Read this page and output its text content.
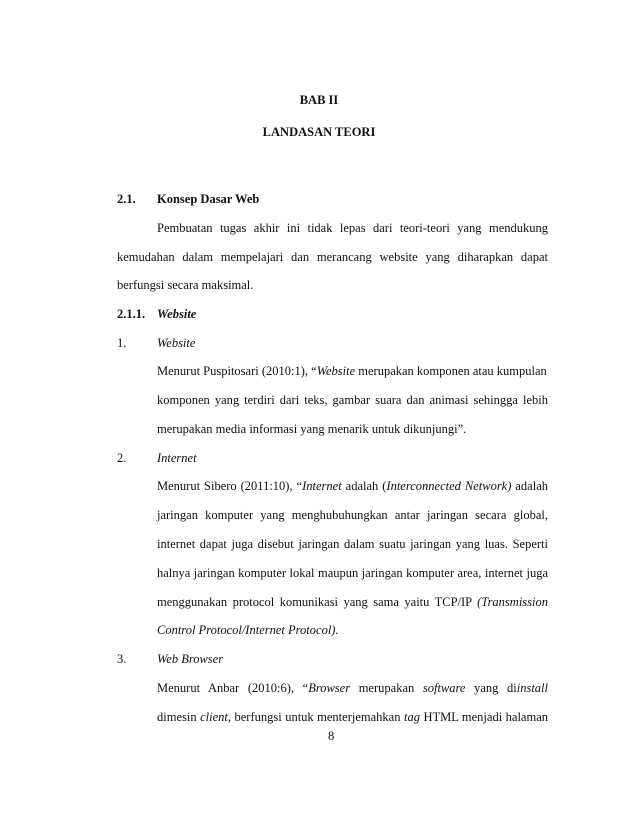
BAB II
LANDASAN TEORI
2.1. Konsep Dasar Web
Pembuatan tugas akhir ini tidak lepas dari teori-teori yang mendukung
kemudahan dalam mempelajari dan merancang website yang diharapkan dapat
berfungsi secara maksimal.
2.1.1. Website
1. Website
Menurut Puspitosari (2010:1), “Website merupakan komponen atau kumpulan
komponen yang terdiri dari teks, gambar suara dan animasi sehingga lebih
merupakan media informasi yang menarik untuk dikunjungi”.
2. Internet
Menurut Sibero (2011:10), “Internet adalah (Interconnected Network) adalah
jaringan komputer yang menghubuhungkan antar jaringan secara global,
internet dapat juga disebut jaringan dalam suatu jaringan yang luas. Seperti
halnya jaringan komputer lokal maupun jaringan komputer area, internet juga
menggunakan protocol komunikasi yang sama yaitu TCP/IP (Transmission
Control Protocol/Internet Protocol).
3. Web Browser
Menurut Anbar (2010:6), “Browser merupakan software yang diinstall
dimesin client, berfungsi untuk menterjemahkan tag HTML menjadi halaman
8
